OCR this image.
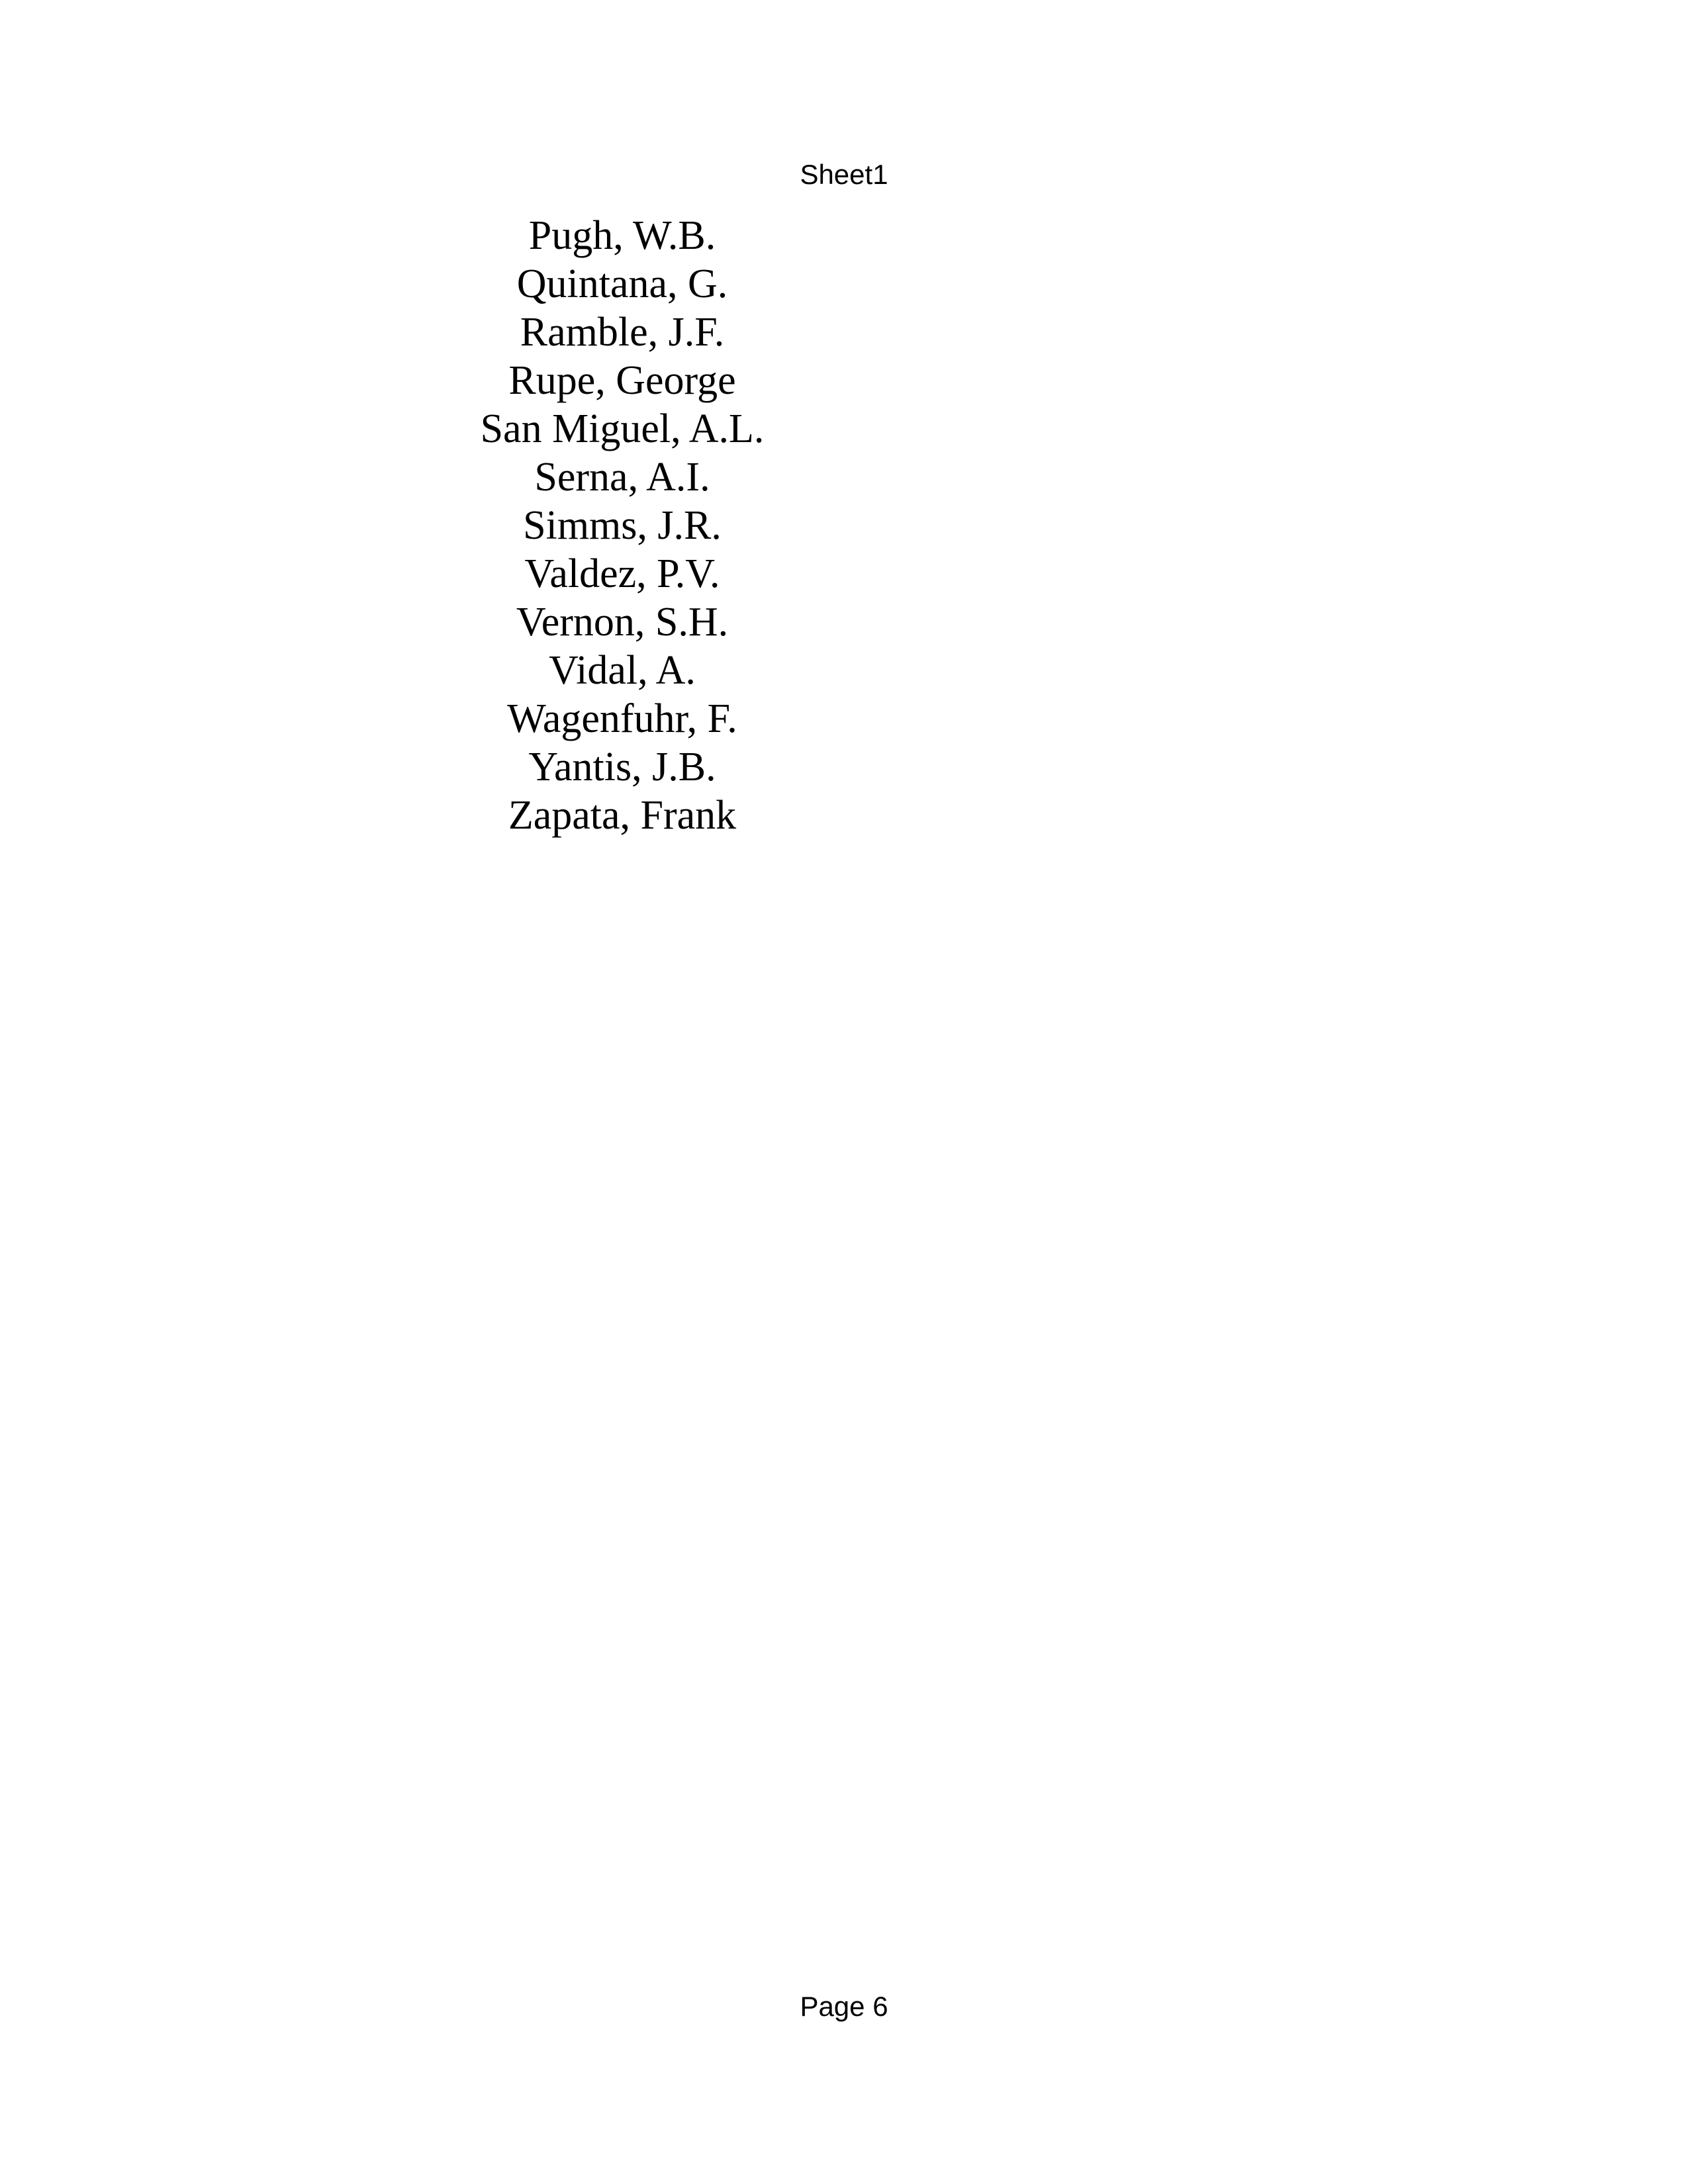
Sheet1
Pugh, W.B.
Quintana, G.
Ramble, J.F.
Rupe, George
San Miguel, A.L.
Serna, A.I.
Simms, J.R.
Valdez, P.V.
Vernon, S.H.
Vidal, A.
Wagenfuhr, F.
Yantis, J.B.
Zapata, Frank
Page 6
